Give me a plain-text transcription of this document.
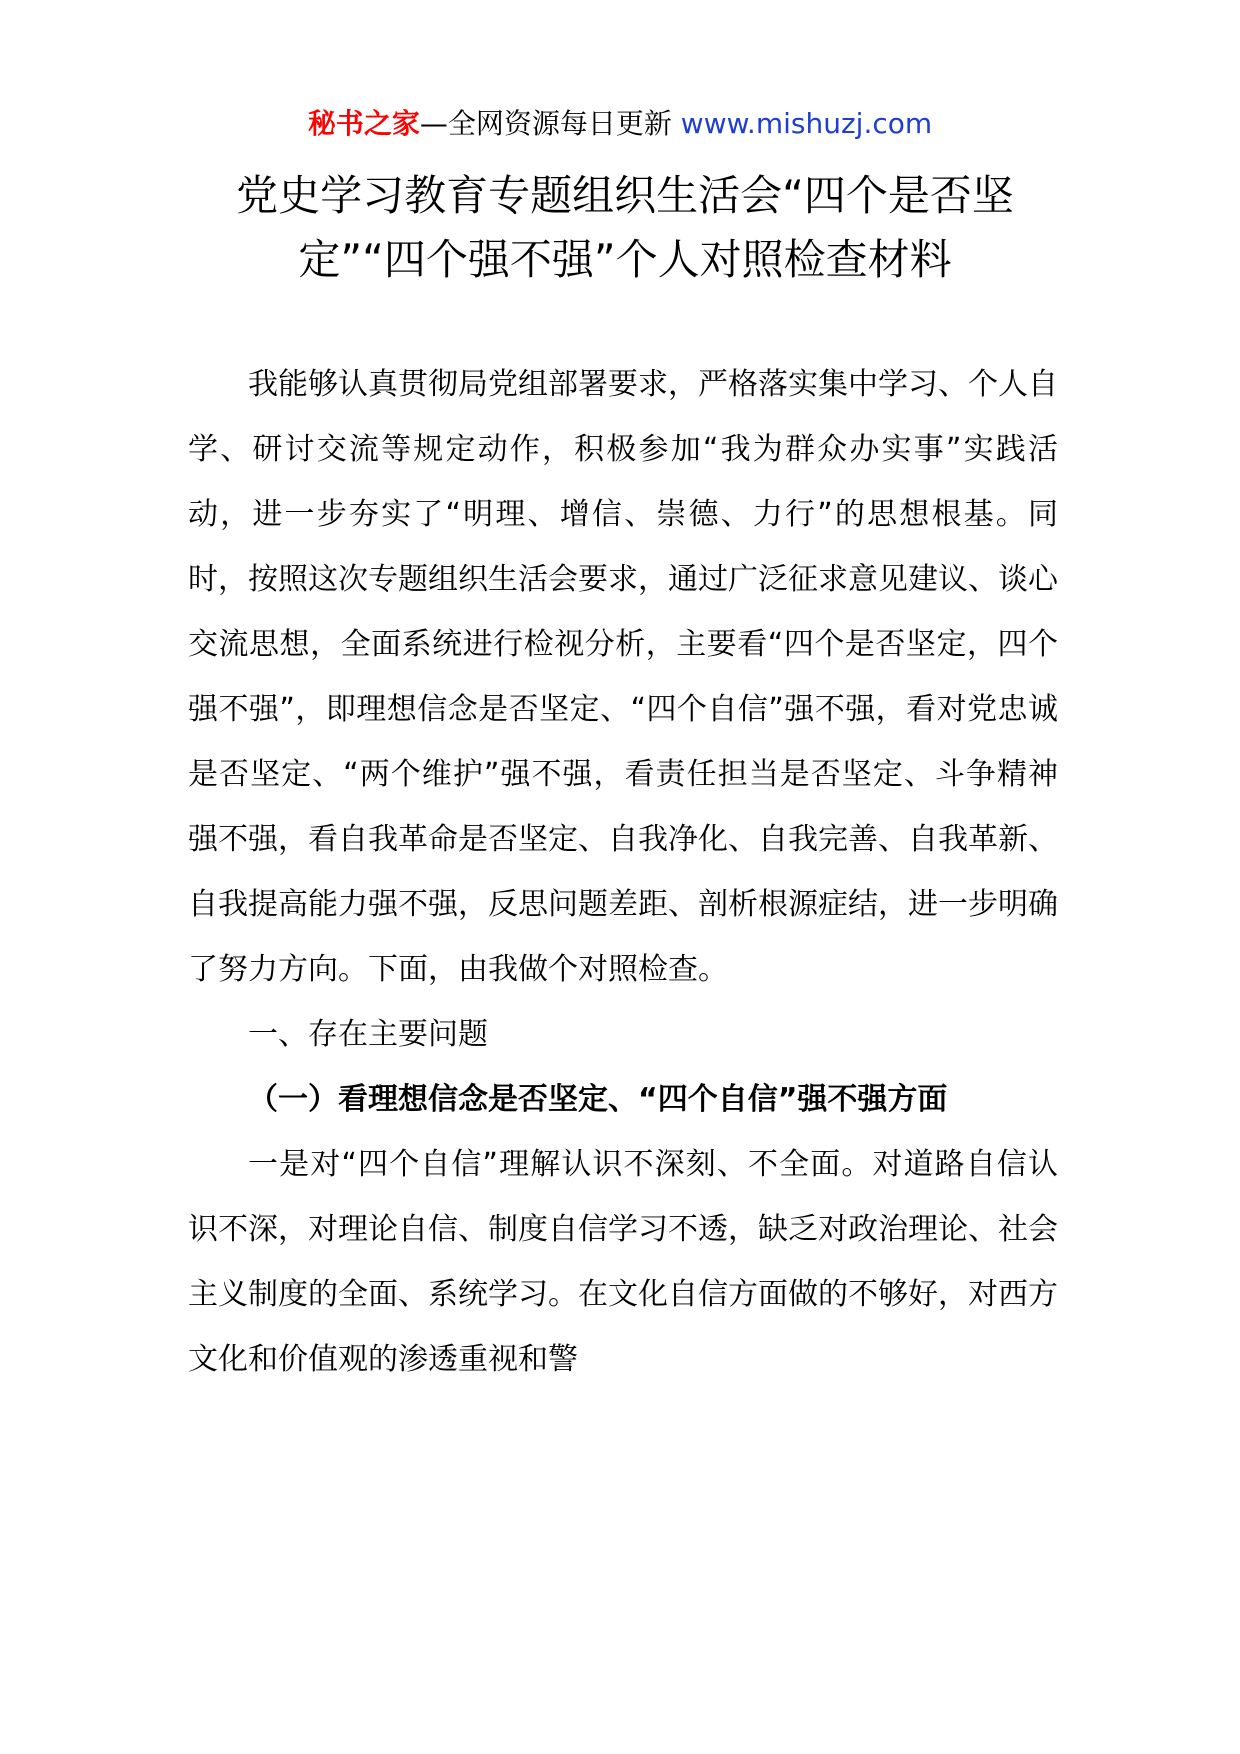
秘书之家—全网资源每日更新 www.mishuzj.com
党史学习教育专题组织生活会“四个是否坚定”“四个强不强”个人对照检查材料

我能够认真贯彻局党组部署要求，严格落实集中学习、个人自学、研讨交流等规定动作，积极参加“我为群众办实事”实践活动，进一步夯实了“明理、增信、崇德、力行”的思想根基。同时，按照这次专题组织生活会要求，通过广泛征求意见建议、谈心交流思想，全面系统进行检视分析，主要看“四个是否坚定，四个强不强”，即理想信念是否坚定、“四个自信”强不强，看对党忠诚是否坚定、“两个维护”强不强，看责任担当是否坚定、斗争精神强不强，看自我革命是否坚定、自我净化、自我完善、自我革新、自我提高能力强不强，反思问题差距、剖析根源症结，进一步明确了努力方向。下面，由我做个对照检查。

一、存在主要问题
（一）看理想信念是否坚定、“四个自信”强不强方面

一是对“四个自信”理解认识不深刻、不全面。对道路自信认识不深，对理论自信、制度自信学习不透，缺乏对政治理论、社会主义制度的全面、系统学习。在文化自信方面做的不够好，对西方文化和价值观的渗透重视和警
